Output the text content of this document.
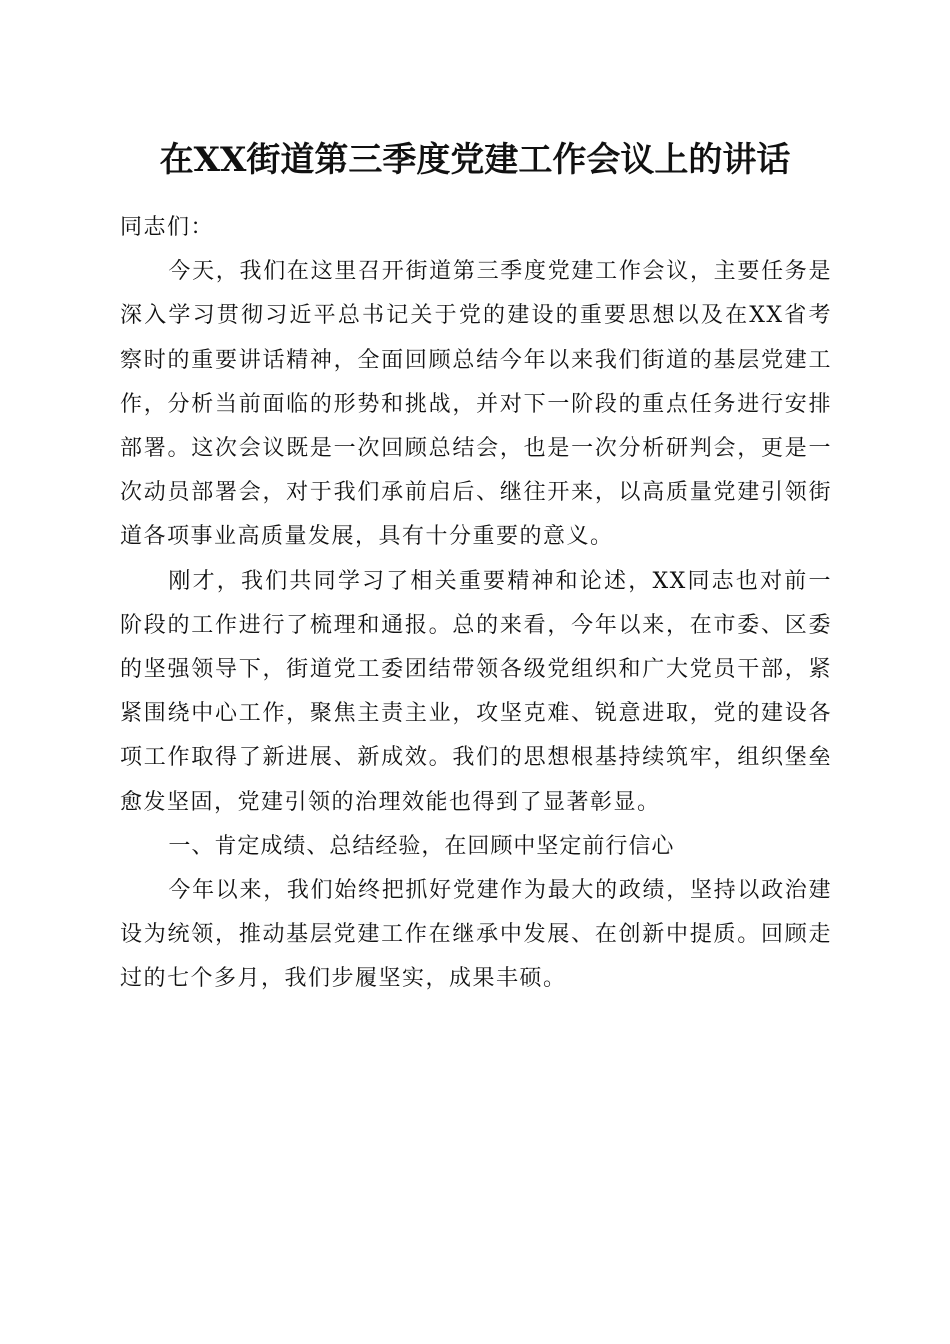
在XX街道第三季度党建工作会议上的讲话

同志们：

今天，我们在这里召开街道第三季度党建工作会议，主要任务是深入学习贯彻习近平总书记关于党的建设的重要思想以及在XX省考察时的重要讲话精神，全面回顾总结今年以来我们街道的基层党建工作，分析当前面临的形势和挑战，并对下一阶段的重点任务进行安排部署。这次会议既是一次回顾总结会，也是一次分析研判会，更是一次动员部署会，对于我们承前启后、继往开来，以高质量党建引领街道各项事业高质量发展，具有十分重要的意义。

刚才，我们共同学习了相关重要精神和论述，XX同志也对前一阶段的工作进行了梳理和通报。总的来看，今年以来，在市委、区委的坚强领导下，街道党工委团结带领各级党组织和广大党员干部，紧紧围绕中心工作，聚焦主责主业，攻坚克难、锐意进取，党的建设各项工作取得了新进展、新成效。我们的思想根基持续筑牢，组织堡垒愈发坚固，党建引领的治理效能也得到了显著彰显。

一、肯定成绩、总结经验，在回顾中坚定前行信心

今年以来，我们始终把抓好党建作为最大的政绩，坚持以政治建设为统领，推动基层党建工作在继承中发展、在创新中提质。回顾走过的七个多月，我们步履坚实，成果丰硕。
